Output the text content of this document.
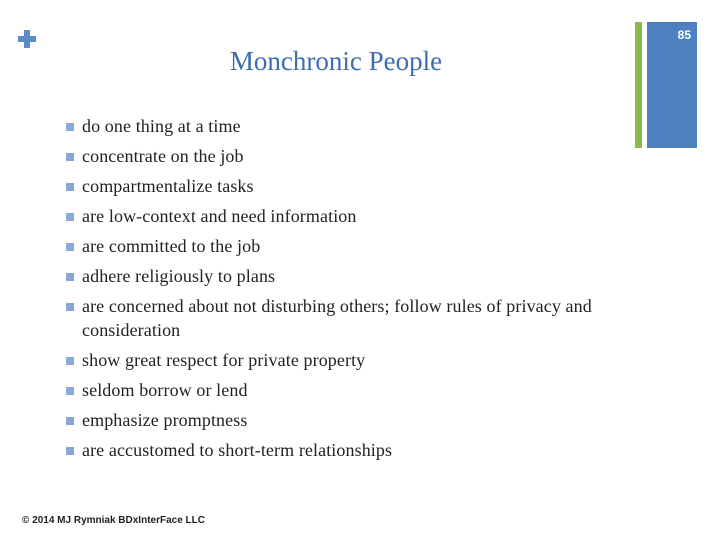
85
Monchronic People
do one thing at a time
concentrate on the job
compartmentalize tasks
are low-context and need information
are committed to the job
adhere religiously to plans
are concerned about not disturbing others; follow rules of privacy and consideration
show great respect for private property
seldom borrow or lend
emphasize promptness
are accustomed to short-term relationships
© 2014 MJ Rymniak BDxInterFace LLC
